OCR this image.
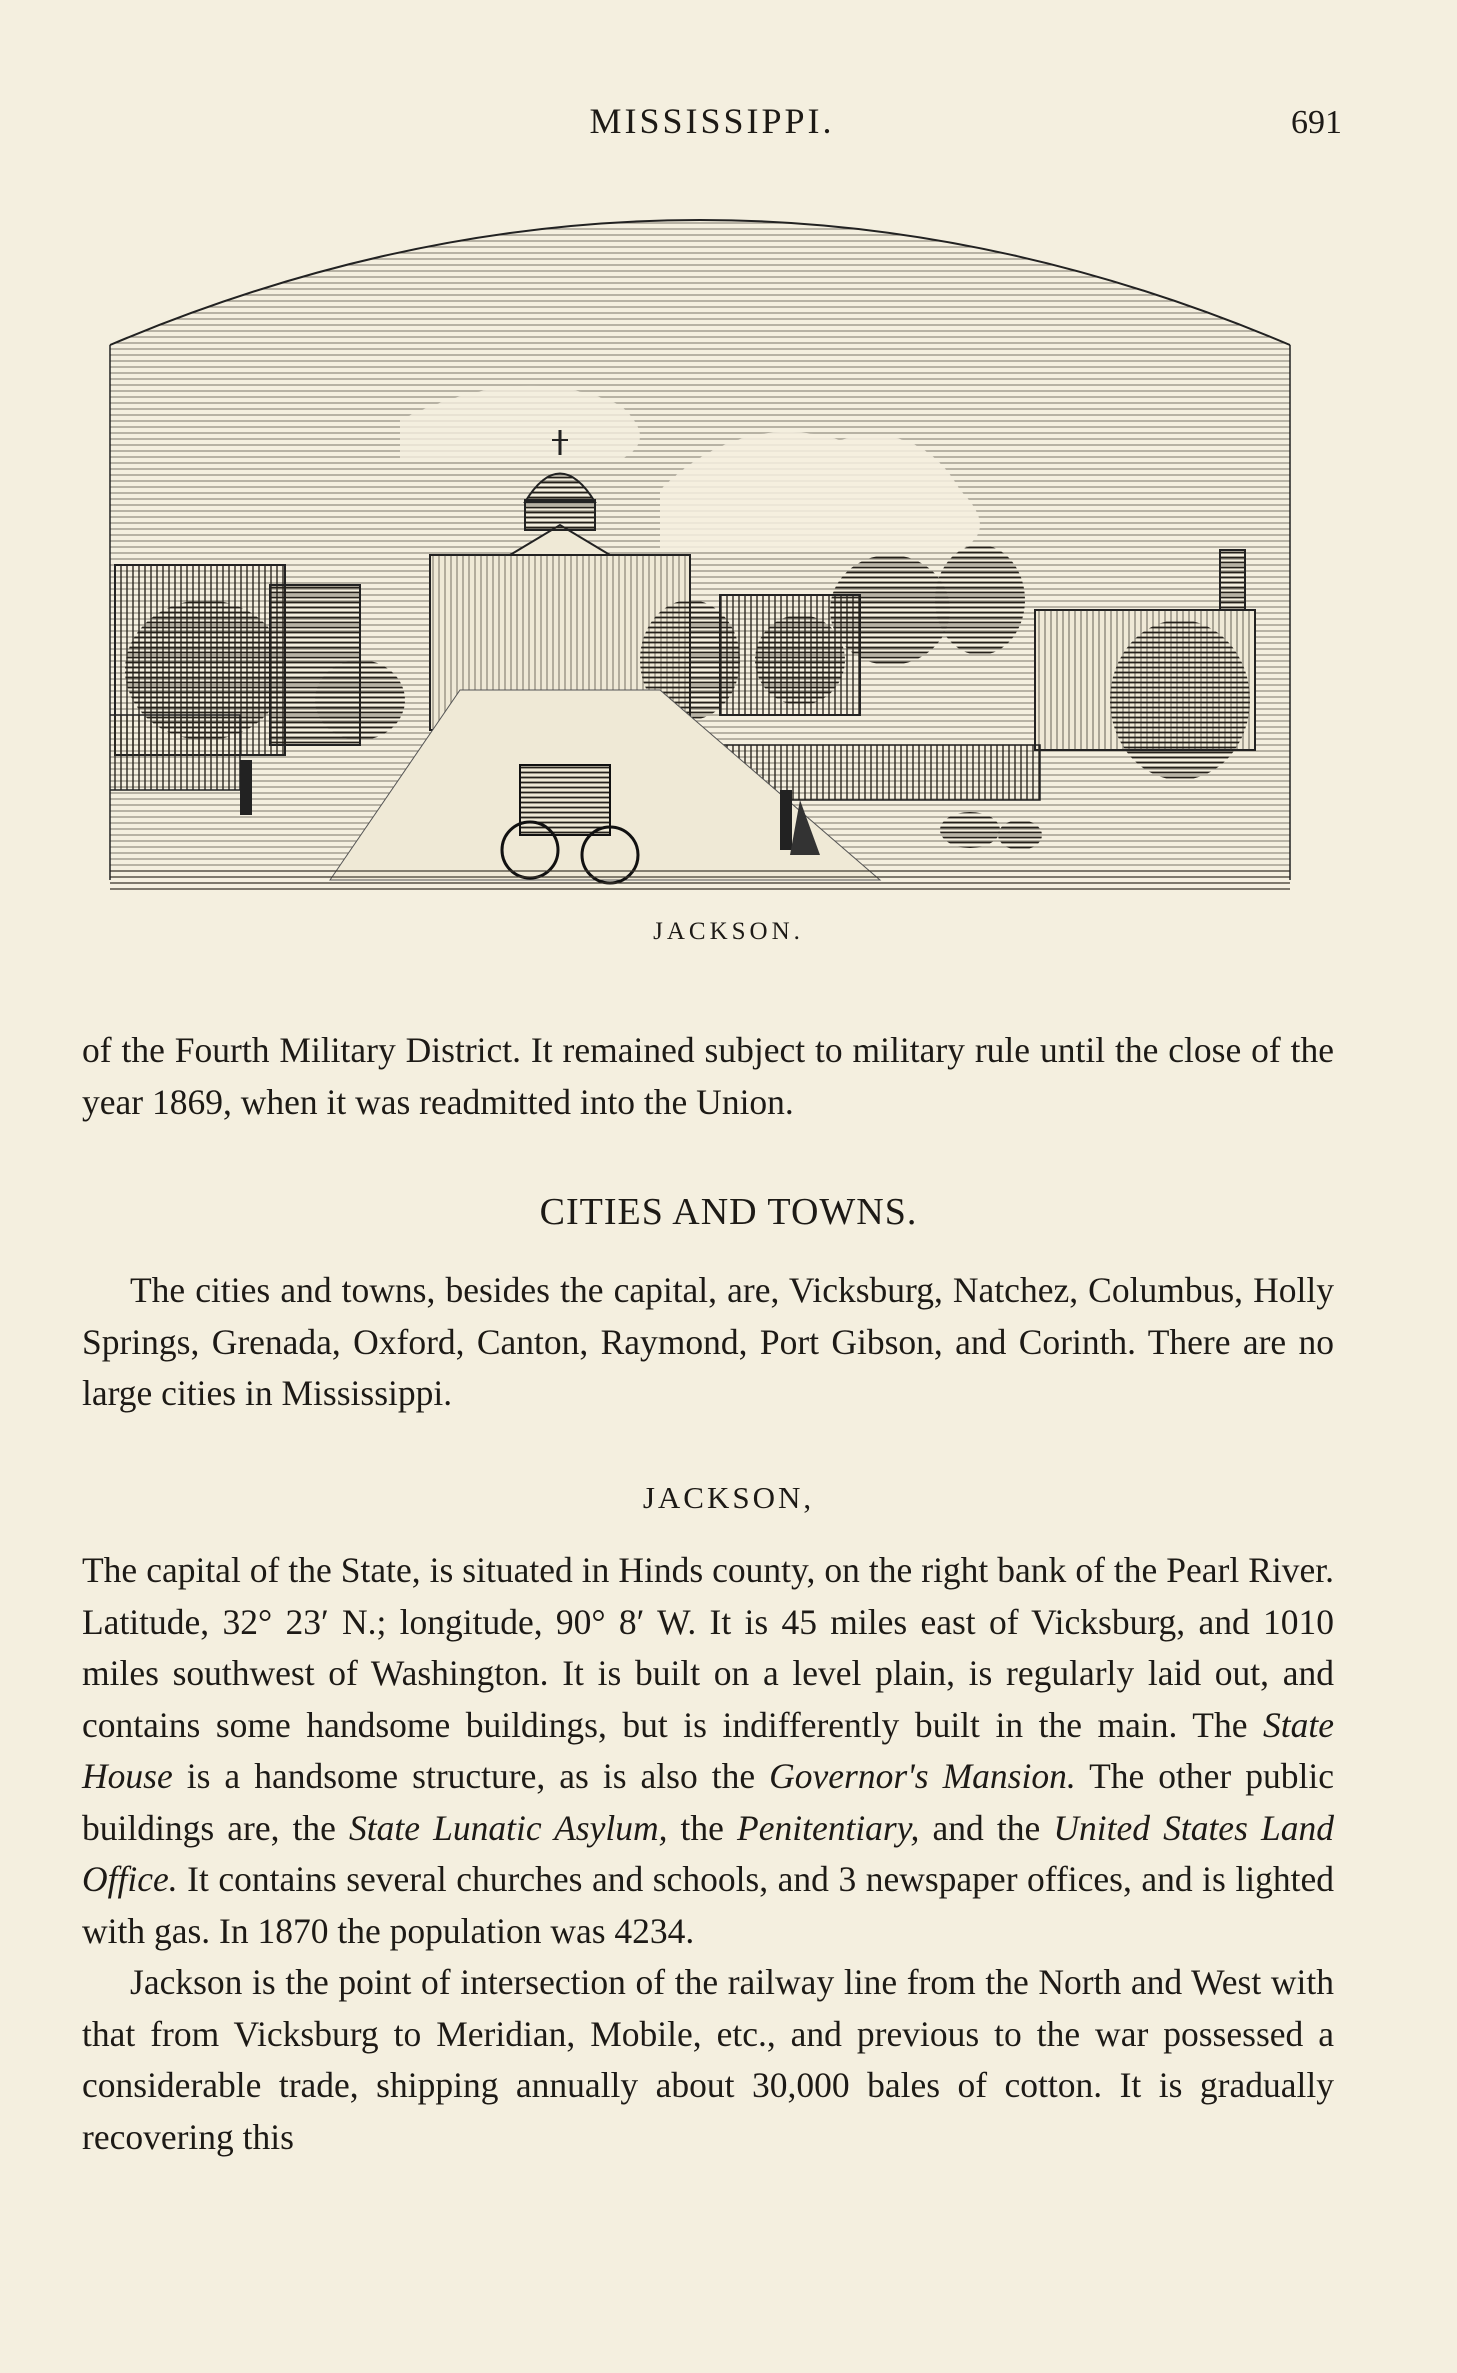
MISSISSIPPI.	691
JACKSON.

of the Fourth Military District. It remained subject to military rule until the close of the year 1869, when it was readmitted into the Union.

CITIES AND TOWNS.

The cities and towns, besides the capital, are, Vicksburg, Natchez, Columbus, Holly Springs, Grenada, Oxford, Canton, Raymond, Port Gibson, and Corinth. There are no large cities in Mississippi.

JACKSON,

The capital of the State, is situated in Hinds county, on the right bank of the Pearl River. Latitude, 32° 23′ N.; longitude, 90° 8′ W. It is 45 miles east of Vicksburg, and 1010 miles southwest of Washington. It is built on a level plain, is regularly laid out, and contains some handsome buildings, but is indifferently built in the main. The State House is a handsome structure, as is also the Governor's Mansion. The other public buildings are, the State Lunatic Asylum, the Penitentiary, and the United States Land Office. It contains several churches and schools, and 3 newspaper offices, and is lighted with gas. In 1870 the population was 4234.

Jackson is the point of intersection of the railway line from the North and West with that from Vicksburg to Meridian, Mobile, etc., and previous to the war possessed a considerable trade, shipping annually about 30,000 bales of cotton. It is gradually recovering this
